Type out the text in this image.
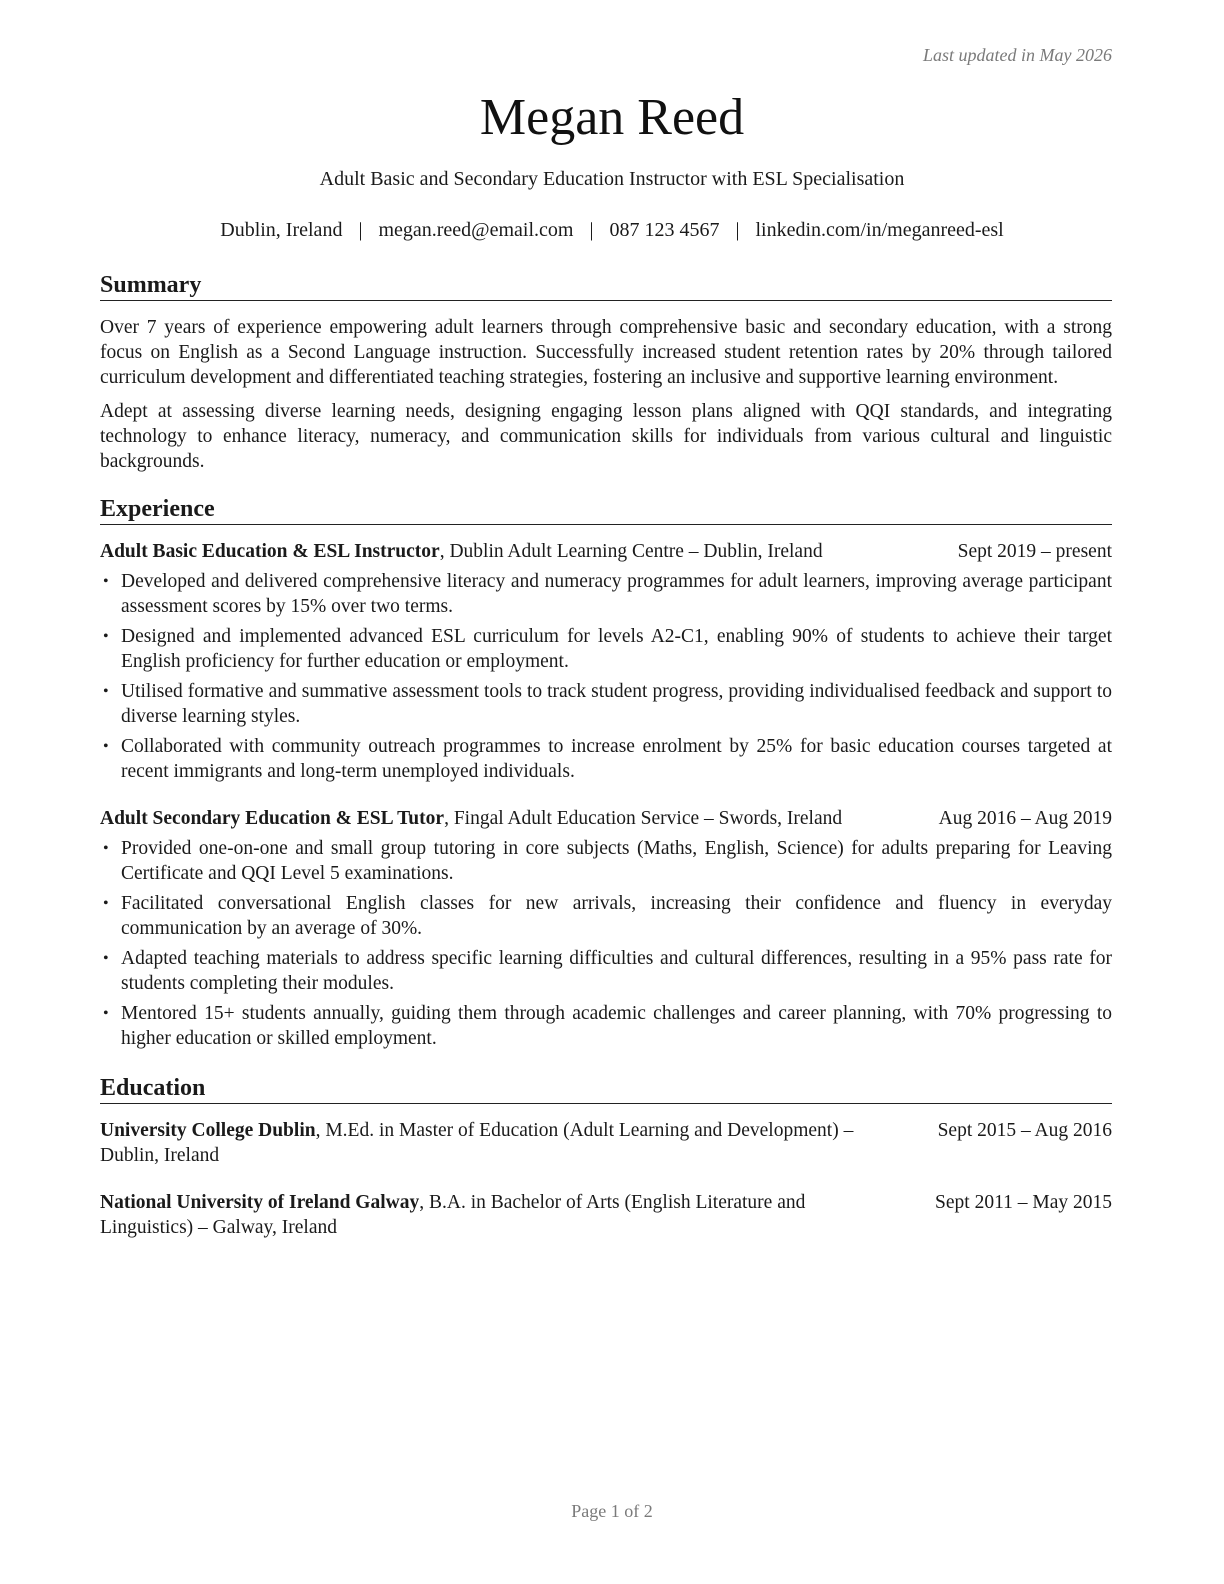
Last updated in May 2026
Megan Reed
Adult Basic and Secondary Education Instructor with ESL Specialisation
Dublin, Ireland | megan.reed@email.com | 087 123 4567 | linkedin.com/in/meganreed-esl
Summary

Over 7 years of experience empowering adult learners through comprehensive basic and secondary education, with a strong focus on English as a Second Language instruction. Successfully increased student retention rates by 20% through tailored curriculum development and differentiated teaching strategies, fostering an inclusive and supportive learning environment.

Adept at assessing diverse learning needs, designing engaging lesson plans aligned with QQI standards, and integrating technology to enhance literacy, numeracy, and communication skills for individuals from various cultural and linguistic backgrounds.

Experience
Adult Basic Education & ESL Instructor, Dublin Adult Learning Centre – Dublin, Ireland	Sept 2019 – present
• Developed and delivered comprehensive literacy and numeracy programmes for adult learners, improving average participant assessment scores by 15% over two terms.
• Designed and implemented advanced ESL curriculum for levels A2-C1, enabling 90% of students to achieve their target English proficiency for further education or employment.
• Utilised formative and summative assessment tools to track student progress, providing individualised feedback and support to diverse learning styles.
• Collaborated with community outreach programmes to increase enrolment by 25% for basic education courses targeted at recent immigrants and long-term unemployed individuals.
Adult Secondary Education & ESL Tutor, Fingal Adult Education Service – Swords, Ireland	Aug 2016 – Aug 2019
• Provided one-on-one and small group tutoring in core subjects (Maths, English, Science) for adults preparing for Leaving Certificate and QQI Level 5 examinations.
• Facilitated conversational English classes for new arrivals, increasing their confidence and fluency in everyday communication by an average of 30%.
• Adapted teaching materials to address specific learning difficulties and cultural differences, resulting in a 95% pass rate for students completing their modules.
• Mentored 15+ students annually, guiding them through academic challenges and career planning, with 70% progressing to higher education or skilled employment.
Education
University College Dublin, M.Ed. in Master of Education (Adult Learning and Development) – Dublin, Ireland
Sept 2015 – Aug 2016
National University of Ireland Galway, B.A. in Bachelor of Arts (English Literature and Linguistics) – Galway, Ireland
Sept 2011 – May 2015
Page 1 of 2
